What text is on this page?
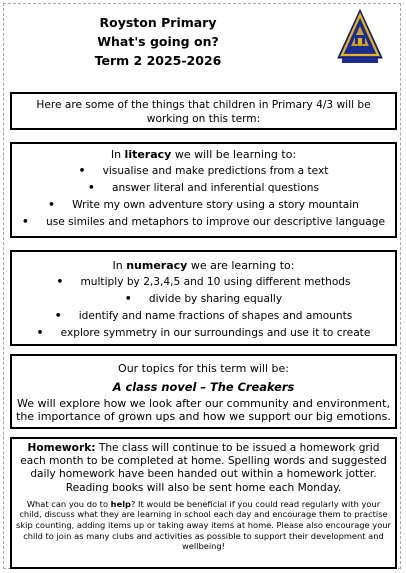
Royston Primary
What's going on?
Term 2 2025-2026
Here are some of the things that children in Primary 4/3 will be working on this term:
In literacy we will be learning to:
• visualise and make predictions from a text
• answer literal and inferential questions
• Write my own adventure story using a story mountain
• use similes and metaphors to improve our descriptive language
In numeracy we are learning to:
• multiply by 2,3,4,5 and 10 using different methods
• divide by sharing equally
• identify and name fractions of shapes and amounts
• explore symmetry in our surroundings and use it to create
Our topics for this term will be:
A class novel – The Creakers
We will explore how we look after our community and environment, the importance of grown ups and how we support our big emotions.
Homework: The class will continue to be issued a homework grid each month to be completed at home. Spelling words and suggested daily homework have been handed out within a homework jotter. Reading books will also be sent home each Monday.
What can you do to help? It would be beneficial if you could read regularly with your child, discuss what they are learning in school each day and encourage them to practise skip counting, adding items up or taking away items at home. Please also encourage your child to join as many clubs and activities as possible to support their development and wellbeing!
